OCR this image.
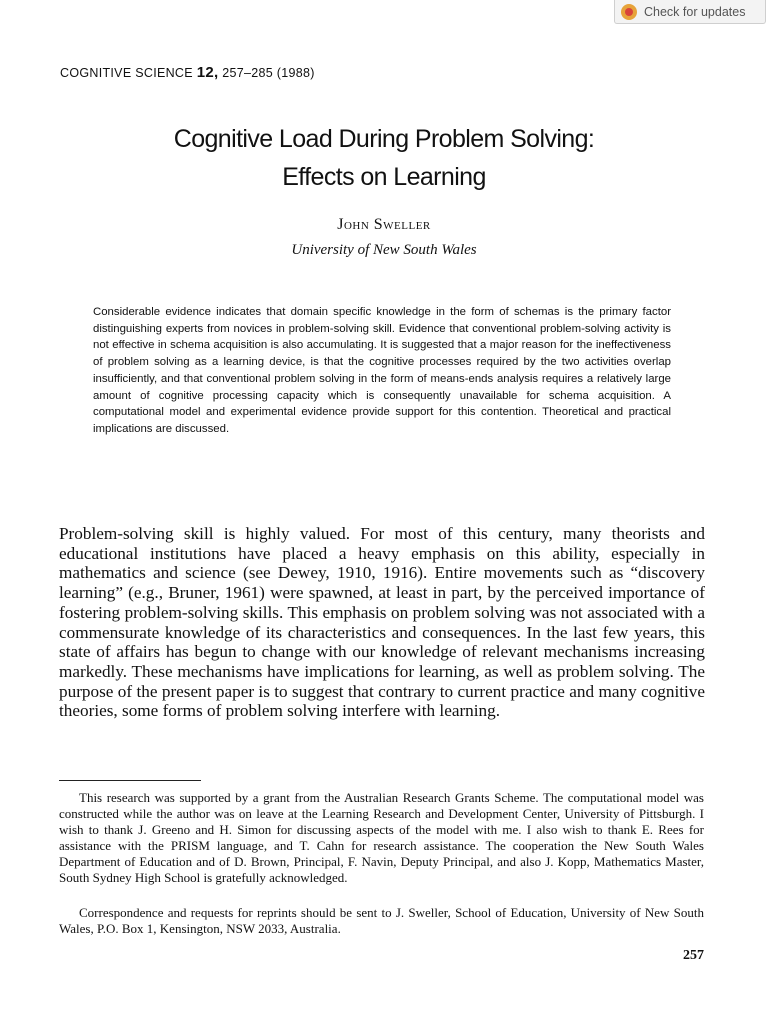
Check for updates
COGNITIVE SCIENCE 12, 257–285 (1988)
Cognitive Load During Problem Solving:
Effects on Learning
John Sweller
University of New South Wales

Considerable evidence indicates that domain specific knowledge in the form of schemas is the primary factor distinguishing experts from novices in problem-solving skill. Evidence that conventional problem-solving activity is not effective in schema acquisition is also accumulating. It is suggested that a major reason for the ineffectiveness of problem solving as a learning device, is that the cognitive processes required by the two activities overlap insufficiently, and that conventional problem solving in the form of means-ends analysis requires a relatively large amount of cognitive processing capacity which is consequently unavailable for schema acquisition. A computational model and experimental evidence provide support for this contention. Theoretical and practical implications are discussed.

Problem-solving skill is highly valued. For most of this century, many theorists and educational institutions have placed a heavy emphasis on this ability, especially in mathematics and science (see Dewey, 1910, 1916). Entire movements such as “discovery learning” (e.g., Bruner, 1961) were spawned, at least in part, by the perceived importance of fostering problem-solving skills. This emphasis on problem solving was not associated with a commensurate knowledge of its characteristics and consequences. In the last few years, this state of affairs has begun to change with our knowledge of relevant mechanisms increasing markedly. These mechanisms have implications for learning, as well as problem solving. The purpose of the present paper is to suggest that contrary to current practice and many cognitive theories, some forms of problem solving interfere with learning.

This research was supported by a grant from the Australian Research Grants Scheme. The computational model was constructed while the author was on leave at the Learning Research and Development Center, University of Pittsburgh. I wish to thank J. Greeno and H. Simon for discussing aspects of the model with me. I also wish to thank E. Rees for assistance with the PRISM language, and T. Cahn for research assistance. The cooperation the New South Wales Department of Education and of D. Brown, Principal, F. Navin, Deputy Principal, and also J. Kopp, Mathematics Master, South Sydney High School is gratefully acknowledged.

Correspondence and requests for reprints should be sent to J. Sweller, School of Education, University of New South Wales, P.O. Box 1, Kensington, NSW 2033, Australia.

257
